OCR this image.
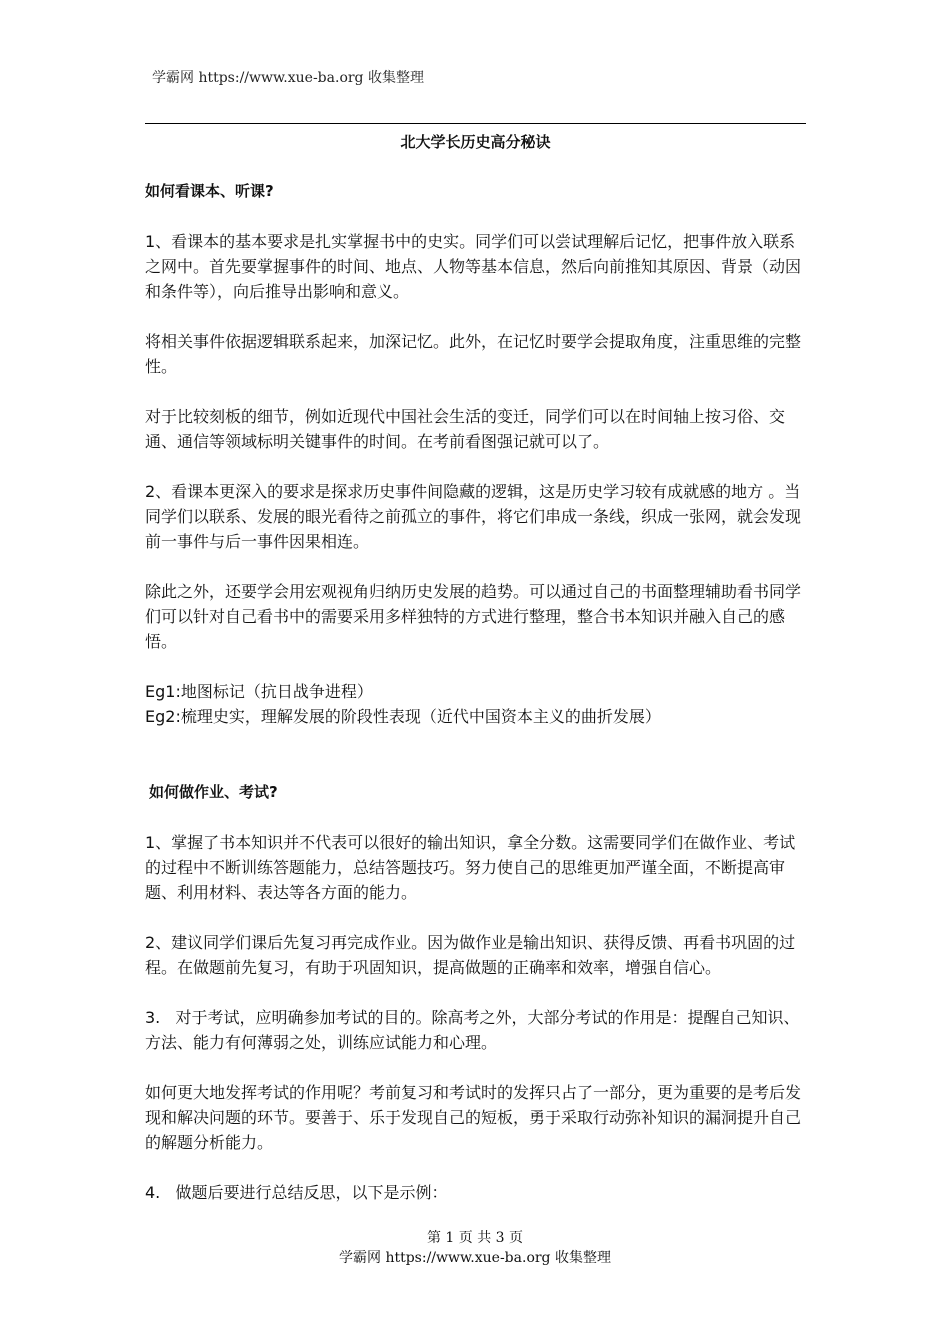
学霸网 https://www.xue-ba.org 收集整理
北大学长历史高分秘诀

如何看课本、听课?

1、看课本的基本要求是扎实掌握书中的史实。同学们可以尝试理解后记忆，把事件放入联系之网中。首先要掌握事件的时间、地点、人物等基本信息，然后向前推知其原因、背景（动因和条件等），向后推导出影响和意义。

将相关事件依据逻辑联系起来，加深记忆。此外，在记忆时要学会提取角度，注重思维的完整性。

对于比较刻板的细节，例如近现代中国社会生活的变迁，同学们可以在时间轴上按习俗、交通、通信等领域标明关键事件的时间。在考前看图强记就可以了。

2、看课本更深入的要求是探求历史事件间隐藏的逻辑，这是历史学习较有成就感的地方 。当同学们以联系、发展的眼光看待之前孤立的事件，将它们串成一条线，织成一张网，就会发现前一事件与后一事件因果相连。

除此之外，还要学会用宏观视角归纳历史发展的趋势。可以通过自己的书面整理辅助看书同学们可以针对自己看书中的需要采用多样独特的方式进行整理，整合书本知识并融入自己的感悟。

Eg1:地图标记（抗日战争进程）

Eg2:梳理史实，理解发展的阶段性表现（近代中国资本主义的曲折发展）

如何做作业、考试?

1、掌握了书本知识并不代表可以很好的输出知识，拿全分数。这需要同学们在做作业、考试的过程中不断训练答题能力，总结答题技巧。努力使自己的思维更加严谨全面，不断提高审题、利用材料、表达等各方面的能力。

2、建议同学们课后先复习再完成作业。因为做作业是输出知识、获得反馈、再看书巩固的过程。在做题前先复习，有助于巩固知识，提高做题的正确率和效率，增强自信心。

3.   对于考试，应明确参加考试的目的。除高考之外，大部分考试的作用是：提醒自己知识、方法、能力有何薄弱之处，训练应试能力和心理。

如何更大地发挥考试的作用呢？考前复习和考试时的发挥只占了一部分，更为重要的是考后发现和解决问题的环节。要善于、乐于发现自己的短板，勇于采取行动弥补知识的漏洞提升自己的解题分析能力。

4.   做题后要进行总结反思，以下是示例：

第 1 页 共 3 页
学霸网 https://www.xue-ba.org 收集整理
